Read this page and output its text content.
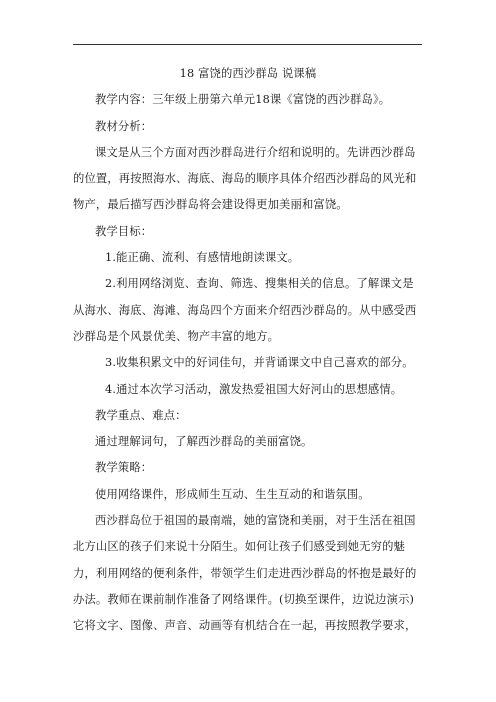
18 富饶的西沙群岛 说课稿

教学内容：三年级上册第六单元18课《富饶的西沙群岛》。

教材分析：

课文是从三个方面对西沙群岛进行介绍和说明的。先讲西沙群岛的位置，再按照海水、海底、海岛的顺序具体介绍西沙群岛的风光和物产，最后描写西沙群岛将会建设得更加美丽和富饶。

教学目标：

1.能正确、流利、有感情地朗读课文。

2.利用网络浏览、查询、筛选、搜集相关的信息。了解课文是从海水、海底、海滩、海岛四个方面来介绍西沙群岛的。从中感受西沙群岛是个风景优美、物产丰富的地方。

3.收集积累文中的好词佳句，并背诵课文中自己喜欢的部分。

4.通过本次学习活动，激发热爱祖国大好河山的思想感情。

教学重点、难点：

通过理解词句，了解西沙群岛的美丽富饶。

教学策略：

使用网络课件，形成师生互动、生生互动的和谐氛围。

西沙群岛位于祖国的最南端，她的富饶和美丽，对于生活在祖国北方山区的孩子们来说十分陌生。如何让孩子们感受到她无穷的魅力，利用网络的便利条件，带领学生们走进西沙群岛的怀抱是最好的办法。教师在课前制作准备了网络课件。(切换至课件，边说边演示)它将文字、图像、声音、动画等有机结合在一起，再按照教学要求，
